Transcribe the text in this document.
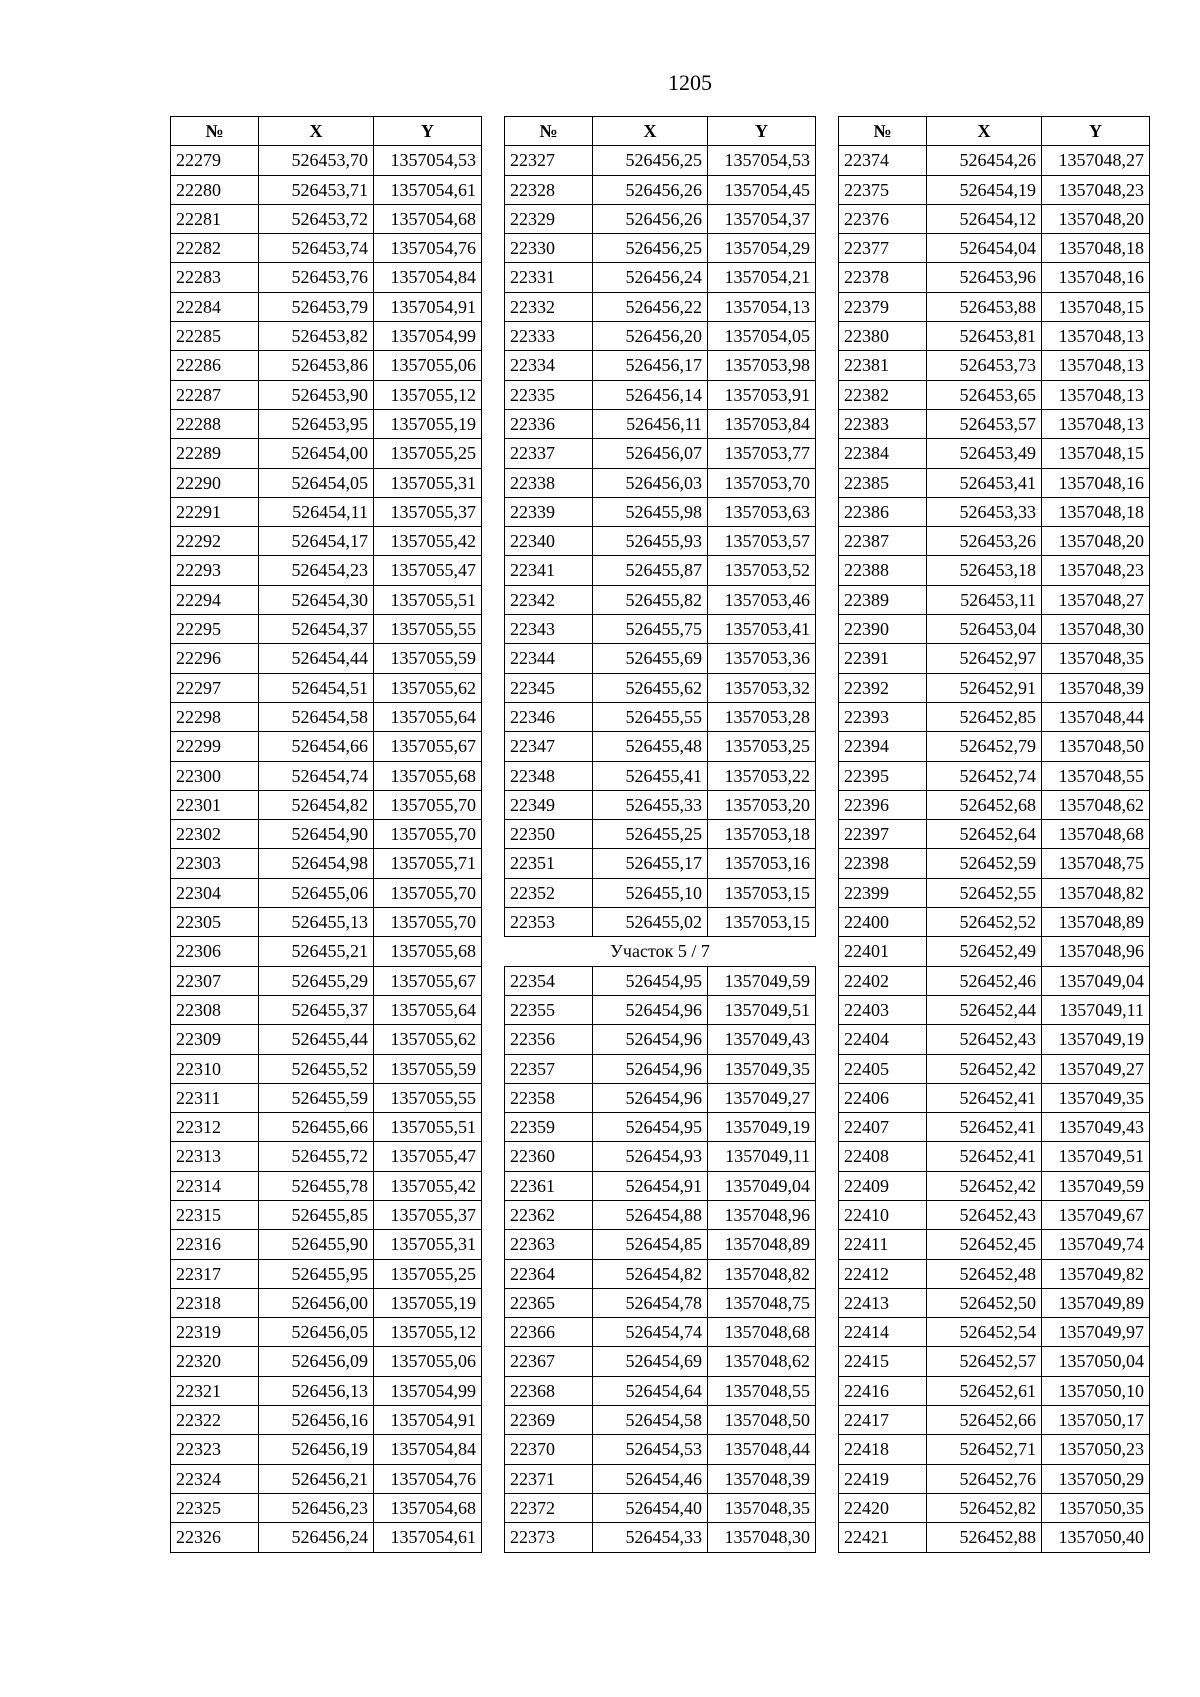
1205
№	X	Y
22279	526453,70	1357054,53
22280	526453,71	1357054,61
22281	526453,72	1357054,68
22282	526453,74	1357054,76
22283	526453,76	1357054,84
22284	526453,79	1357054,91
22285	526453,82	1357054,99
22286	526453,86	1357055,06
22287	526453,90	1357055,12
22288	526453,95	1357055,19
22289	526454,00	1357055,25
22290	526454,05	1357055,31
22291	526454,11	1357055,37
22292	526454,17	1357055,42
22293	526454,23	1357055,47
22294	526454,30	1357055,51
22295	526454,37	1357055,55
22296	526454,44	1357055,59
22297	526454,51	1357055,62
22298	526454,58	1357055,64
22299	526454,66	1357055,67
22300	526454,74	1357055,68
22301	526454,82	1357055,70
22302	526454,90	1357055,70
22303	526454,98	1357055,71
22304	526455,06	1357055,70
22305	526455,13	1357055,70
22306	526455,21	1357055,68
22307	526455,29	1357055,67
22308	526455,37	1357055,64
22309	526455,44	1357055,62
22310	526455,52	1357055,59
22311	526455,59	1357055,55
22312	526455,66	1357055,51
22313	526455,72	1357055,47
22314	526455,78	1357055,42
22315	526455,85	1357055,37
22316	526455,90	1357055,31
22317	526455,95	1357055,25
22318	526456,00	1357055,19
22319	526456,05	1357055,12
22320	526456,09	1357055,06
22321	526456,13	1357054,99
22322	526456,16	1357054,91
22323	526456,19	1357054,84
22324	526456,21	1357054,76
22325	526456,23	1357054,68
22326	526456,24	1357054,61
№	X	Y
22327	526456,25	1357054,53
22328	526456,26	1357054,45
22329	526456,26	1357054,37
22330	526456,25	1357054,29
22331	526456,24	1357054,21
22332	526456,22	1357054,13
22333	526456,20	1357054,05
22334	526456,17	1357053,98
22335	526456,14	1357053,91
22336	526456,11	1357053,84
22337	526456,07	1357053,77
22338	526456,03	1357053,70
22339	526455,98	1357053,63
22340	526455,93	1357053,57
22341	526455,87	1357053,52
22342	526455,82	1357053,46
22343	526455,75	1357053,41
22344	526455,69	1357053,36
22345	526455,62	1357053,32
22346	526455,55	1357053,28
22347	526455,48	1357053,25
22348	526455,41	1357053,22
22349	526455,33	1357053,20
22350	526455,25	1357053,18
22351	526455,17	1357053,16
22352	526455,10	1357053,15
22353	526455,02	1357053,15
Участок 5 / 7		
22354	526454,95	1357049,59
22355	526454,96	1357049,51
22356	526454,96	1357049,43
22357	526454,96	1357049,35
22358	526454,96	1357049,27
22359	526454,95	1357049,19
22360	526454,93	1357049,11
22361	526454,91	1357049,04
22362	526454,88	1357048,96
22363	526454,85	1357048,89
22364	526454,82	1357048,82
22365	526454,78	1357048,75
22366	526454,74	1357048,68
22367	526454,69	1357048,62
22368	526454,64	1357048,55
22369	526454,58	1357048,50
22370	526454,53	1357048,44
22371	526454,46	1357048,39
22372	526454,40	1357048,35
22373	526454,33	1357048,30
№	X	Y
22374	526454,26	1357048,27
22375	526454,19	1357048,23
22376	526454,12	1357048,20
22377	526454,04	1357048,18
22378	526453,96	1357048,16
22379	526453,88	1357048,15
22380	526453,81	1357048,13
22381	526453,73	1357048,13
22382	526453,65	1357048,13
22383	526453,57	1357048,13
22384	526453,49	1357048,15
22385	526453,41	1357048,16
22386	526453,33	1357048,18
22387	526453,26	1357048,20
22388	526453,18	1357048,23
22389	526453,11	1357048,27
22390	526453,04	1357048,30
22391	526452,97	1357048,35
22392	526452,91	1357048,39
22393	526452,85	1357048,44
22394	526452,79	1357048,50
22395	526452,74	1357048,55
22396	526452,68	1357048,62
22397	526452,64	1357048,68
22398	526452,59	1357048,75
22399	526452,55	1357048,82
22400	526452,52	1357048,89
22401	526452,49	1357048,96
22402	526452,46	1357049,04
22403	526452,44	1357049,11
22404	526452,43	1357049,19
22405	526452,42	1357049,27
22406	526452,41	1357049,35
22407	526452,41	1357049,43
22408	526452,41	1357049,51
22409	526452,42	1357049,59
22410	526452,43	1357049,67
22411	526452,45	1357049,74
22412	526452,48	1357049,82
22413	526452,50	1357049,89
22414	526452,54	1357049,97
22415	526452,57	1357050,04
22416	526452,61	1357050,10
22417	526452,66	1357050,17
22418	526452,71	1357050,23
22419	526452,76	1357050,29
22420	526452,82	1357050,35
22421	526452,88	1357050,40
